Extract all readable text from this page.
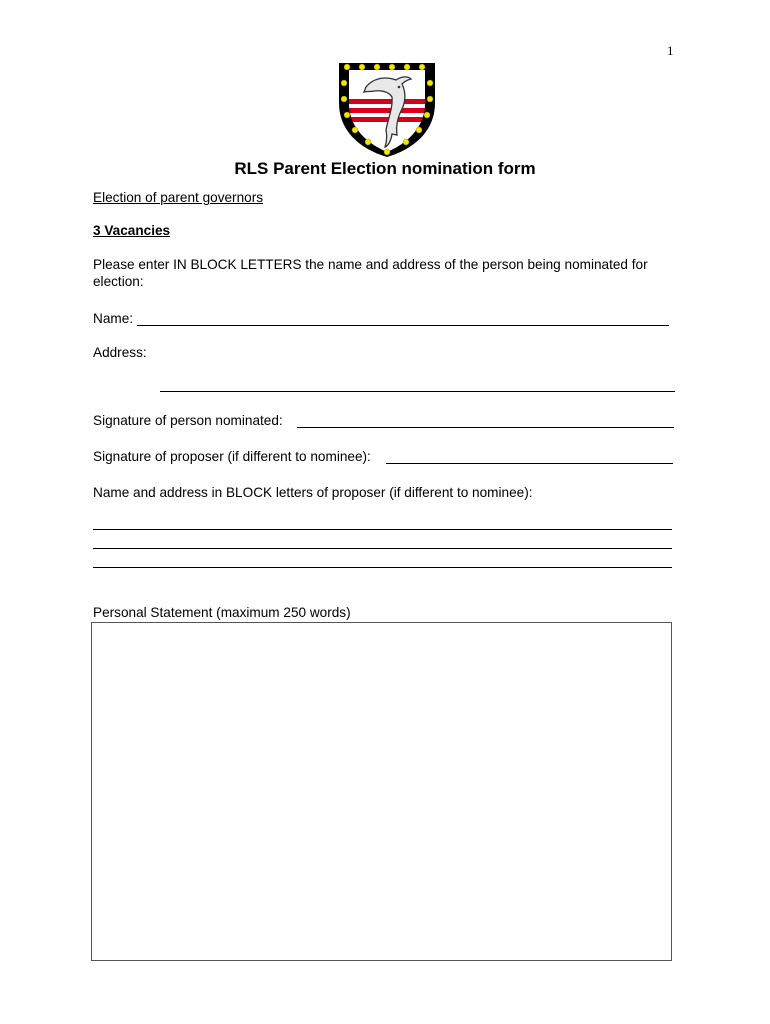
1
RLS Parent Election nomination form
Election of parent governors
3 Vacancies
Please enter IN BLOCK LETTERS the name and address of the person being nominated for
election:
Name:
Address:
Signature of person nominated:
Signature of proposer (if different to nominee):
Name and address in BLOCK letters of proposer (if different to nominee):
Personal Statement (maximum 250 words)
